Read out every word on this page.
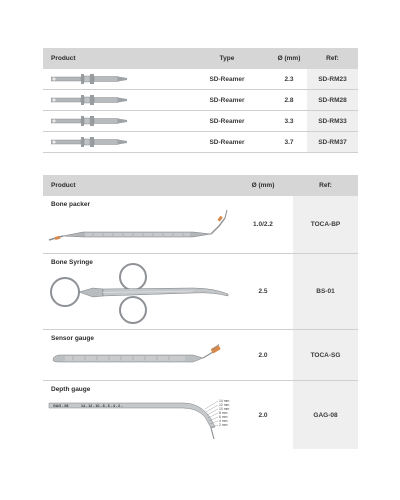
Product	Type	Ø (mm)	Ref:
SD-Reamer	2.3	SD-RM23
SD-Reamer	2.8	SD-RM28
SD-Reamer	3.3	SD-RM33
SD-Reamer	3.7	SD-RM37
Product	Ø (mm)	Ref:
Bone packer
1.0/2.2	TOCA-BP
Bone Syringe
2.5	BS-01
Sensor gauge
2.0	TOCA-SG
Depth gauge
GAG - 08	14 - 12 - 10 - 8 - 6 - 4 - 2 -
14 mm
12 mm
10 mm
8 mm
6 mm
4 mm
2 mm
2.0	GAG-08
